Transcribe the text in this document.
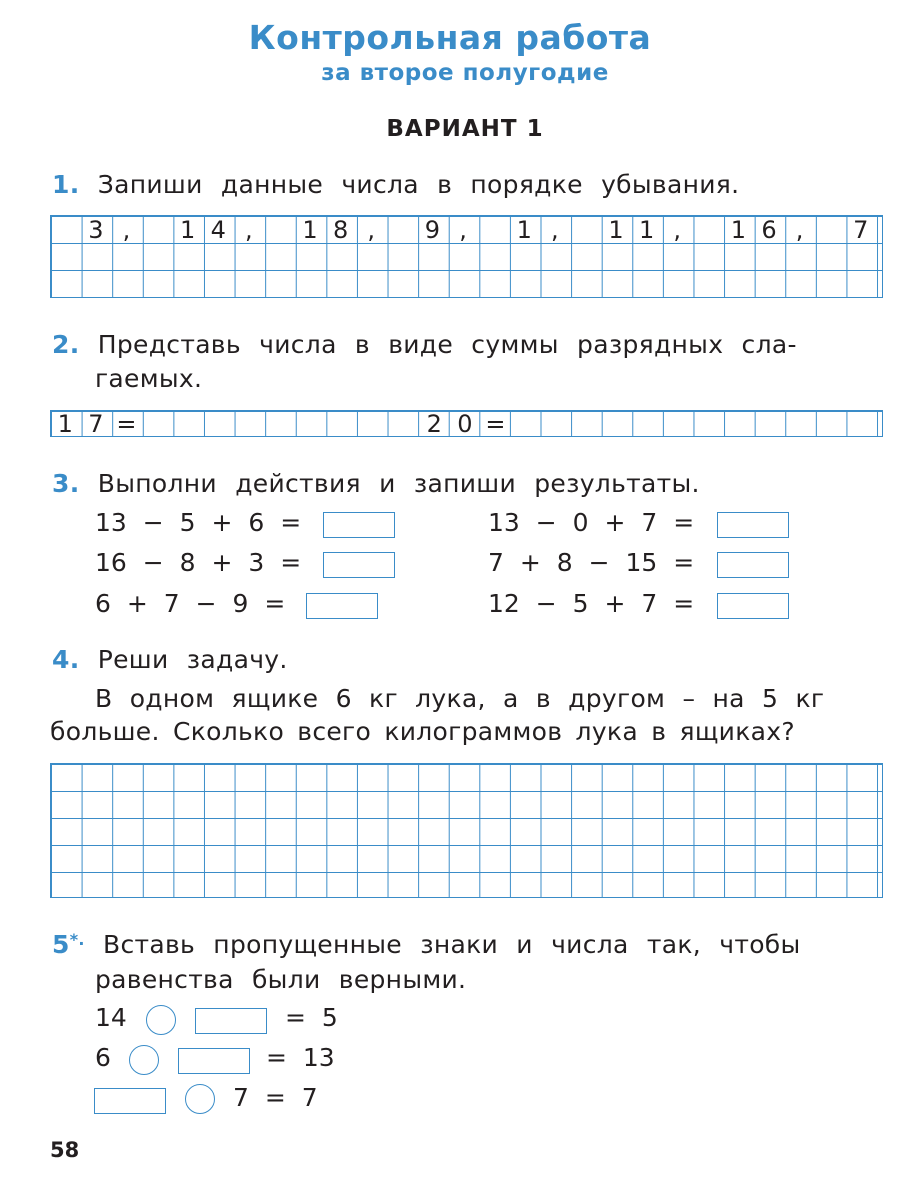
Контрольная работа
за второе полугодие
ВАРИАНТ 1
1. Запиши данные числа в порядке убывания.
3 ,	1 4 ,	1 8 ,	9 ,	1 ,	1 1 ,	1 6 ,	7
2. Представь числа в виде суммы разрядных сла-
гаемых.
1 7 =	2 0 =
3. Выполни действия и запиши результаты.
13 − 5 + 6 =
16 − 8 + 3 =
6 + 7 − 9 =
13 − 0 + 7 =
7 + 8 − 15 =
12 − 5 + 7 =
4. Реши задачу.
В одном ящике 6 кг лука, а в другом – на 5 кг
больше. Сколько всего килограммов лука в ящиках?
5*. Вставь пропущенные знаки и числа так, чтобы
равенства были верными.
14	= 5
6	= 13
7 = 7
58
